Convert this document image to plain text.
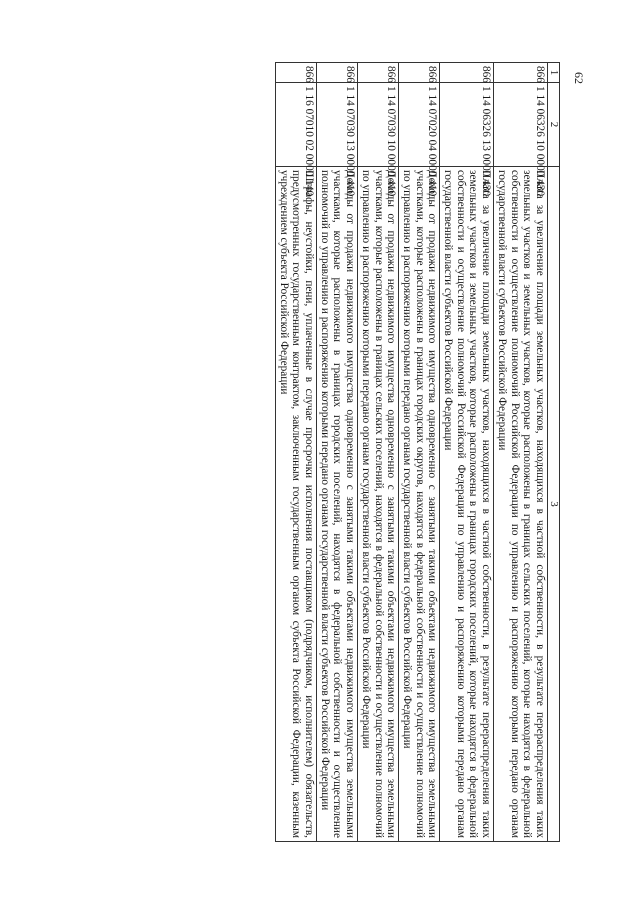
62
1	2	3
866	1 14 06326 10 0000 430	Плата за увеличение площади земельных участков, находящихся в частной собственности, в результате перераспределения таких земельных участков и земельных участков, которые расположены в границах сельских поселений, которые находятся в федеральной собственности и осуществление полномочий Российской Федерации по управлению и распоряжению которыми передано органам государственной власти субъектов Российской Федерации
866	1 14 06326 13 0000 430	Плата за увеличение площади земельных участков, находящихся в частной собственности, в результате перераспределения таких земельных участков и земельных участков, которые расположены в границах городских поселений, которые находятся в федеральной собственности и осуществление полномочий Российской Федерации по управлению и распоряжению которыми передано органам государственной власти субъектов Российской Федерации
866	1 14 07020 04 0000 410	Доходы от продажи недвижимого имущества одновременно с занятыми такими объектами недвижимого имущества земельными участками, которые расположены в границах городских округов, находятся в федеральной собственности и осуществление полномочий по управлению и распоряжению которыми передано органам государственной власти субъектов Российской Федерации
866	1 14 07030 10 0000 410	Доходы от продажи недвижимого имущества одновременно с занятыми такими объектами недвижимого имущества земельными участками, которые расположены в границах сельских поселений, находятся в федеральной собственности и осуществление полномочий по управлению и распоряжению которыми передано органам государственной власти субъектов Российской Федерации
866	1 14 07030 13 0000 410	Доходы от продажи недвижимого имущества одновременно с занятыми такими объектами недвижимого имущества земельными участками, которые расположены в границах городских поселений, находятся в федеральной собственности и осуществление полномочий по управлению и распоряжению которыми передано органам государственной власти субъектов Российской Федерации
866	1 16 07010 02 0000 140	Штрафы, неустойки, пени, уплаченные в случае просрочки исполнения поставщиком (подрядчиком, исполнителем) обязательств, предусмотренных государственным контрактом, заключенным государственным органом субъекта Российской Федерации, казенным учреждением субъекта Российской Федерации
